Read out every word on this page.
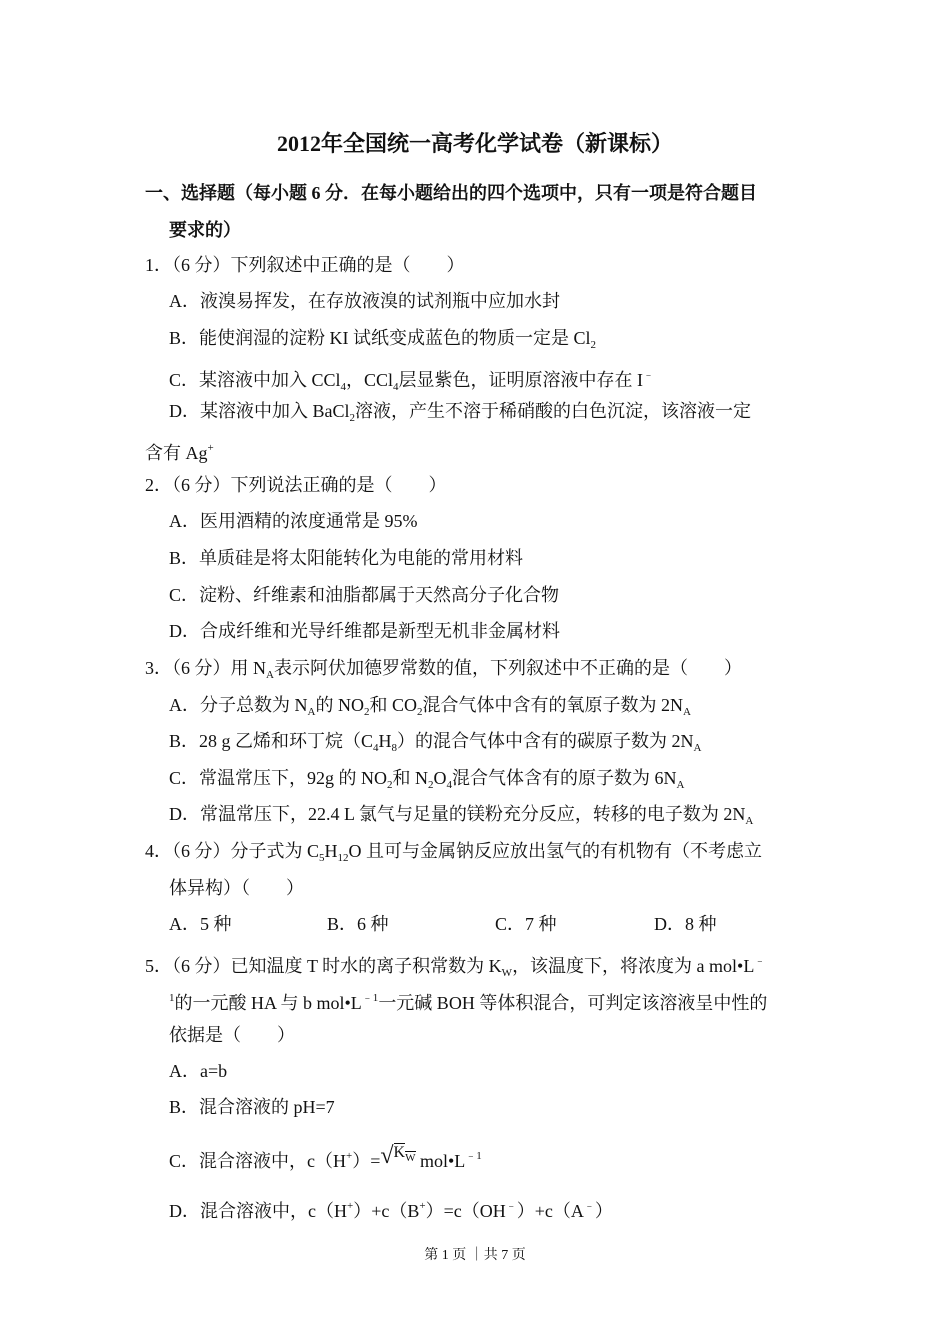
2012年全国统一高考化学试卷（新课标）
一、选择题（每小题 6 分．在每小题给出的四个选项中，只有一项是符合题目
要求的）
1．（6 分）下列叙述中正确的是（　　）
A．液溴易挥发，在存放液溴的试剂瓶中应加水封
B．能使润湿的淀粉 KI 试纸变成蓝色的物质一定是 $Cl_2$
C．某溶液中加入 CCl$_4$，CCl$_4$层显紫色，证明原溶液中存在 I﹣
D．某溶液中加入 BaCl$_2$溶液，产生不溶于稀硝酸的白色沉淀，该溶液一定
含有 Ag+
2．（6 分）下列说法正确的是（　　）
A．医用酒精的浓度通常是 95%
B．单质硅是将太阳能转化为电能的常用材料
C．淀粉、纤维素和油脂都属于天然高分子化合物
D．合成纤维和光导纤维都是新型无机非金属材料
3．（6 分）用 $N_A$表示阿伏加德罗常数的值，下列叙述中不正确的是（　　）
A．分子总数为 $N_A$的 $NO_2$和 $CO_2$混合气体中含有的氧原子数为 $2N_A$
B．28 g 乙烯和环丁烷$(C_4H_8)$的混合气体中含有的碳原子数为 $2N_A$
C．常温常压下，92g 的 $NO_2$和 $N_2O_4$混合气体含有的原子数为 $6N_A$
D．常温常压下，22.4 L 氯气与足量的镁粉充分反应，转移的电子数为 $2N_A$
4．（6 分）分子式为 $C_5H_{12}O$ 且可与金属钠反应放出氢气的有机物有（不考虑立
体异构）（　　）
5．（6 分）已知温度 T 时水的离子积常数为 $K_W$，该温度下，将浓度为 a mol•L﹣
$^1$的一元酸 HA 与 b $mol•L^{﹣1}$一元碱 BOH 等体积混合，可判定该溶液呈中性的
依据是（　　）
A．a=b
B．混合溶液的 pH=7
C．混合溶液中，$c(H^+)=√K^W$ $mol•L^{﹣1}$
D．混合溶液中，c（H+）+c（B+）=c（OH﹣）+c（A﹣）
A．5 种	B．6 种	C．7 种	D．8 种
第 1 页 ｜共 7 页
